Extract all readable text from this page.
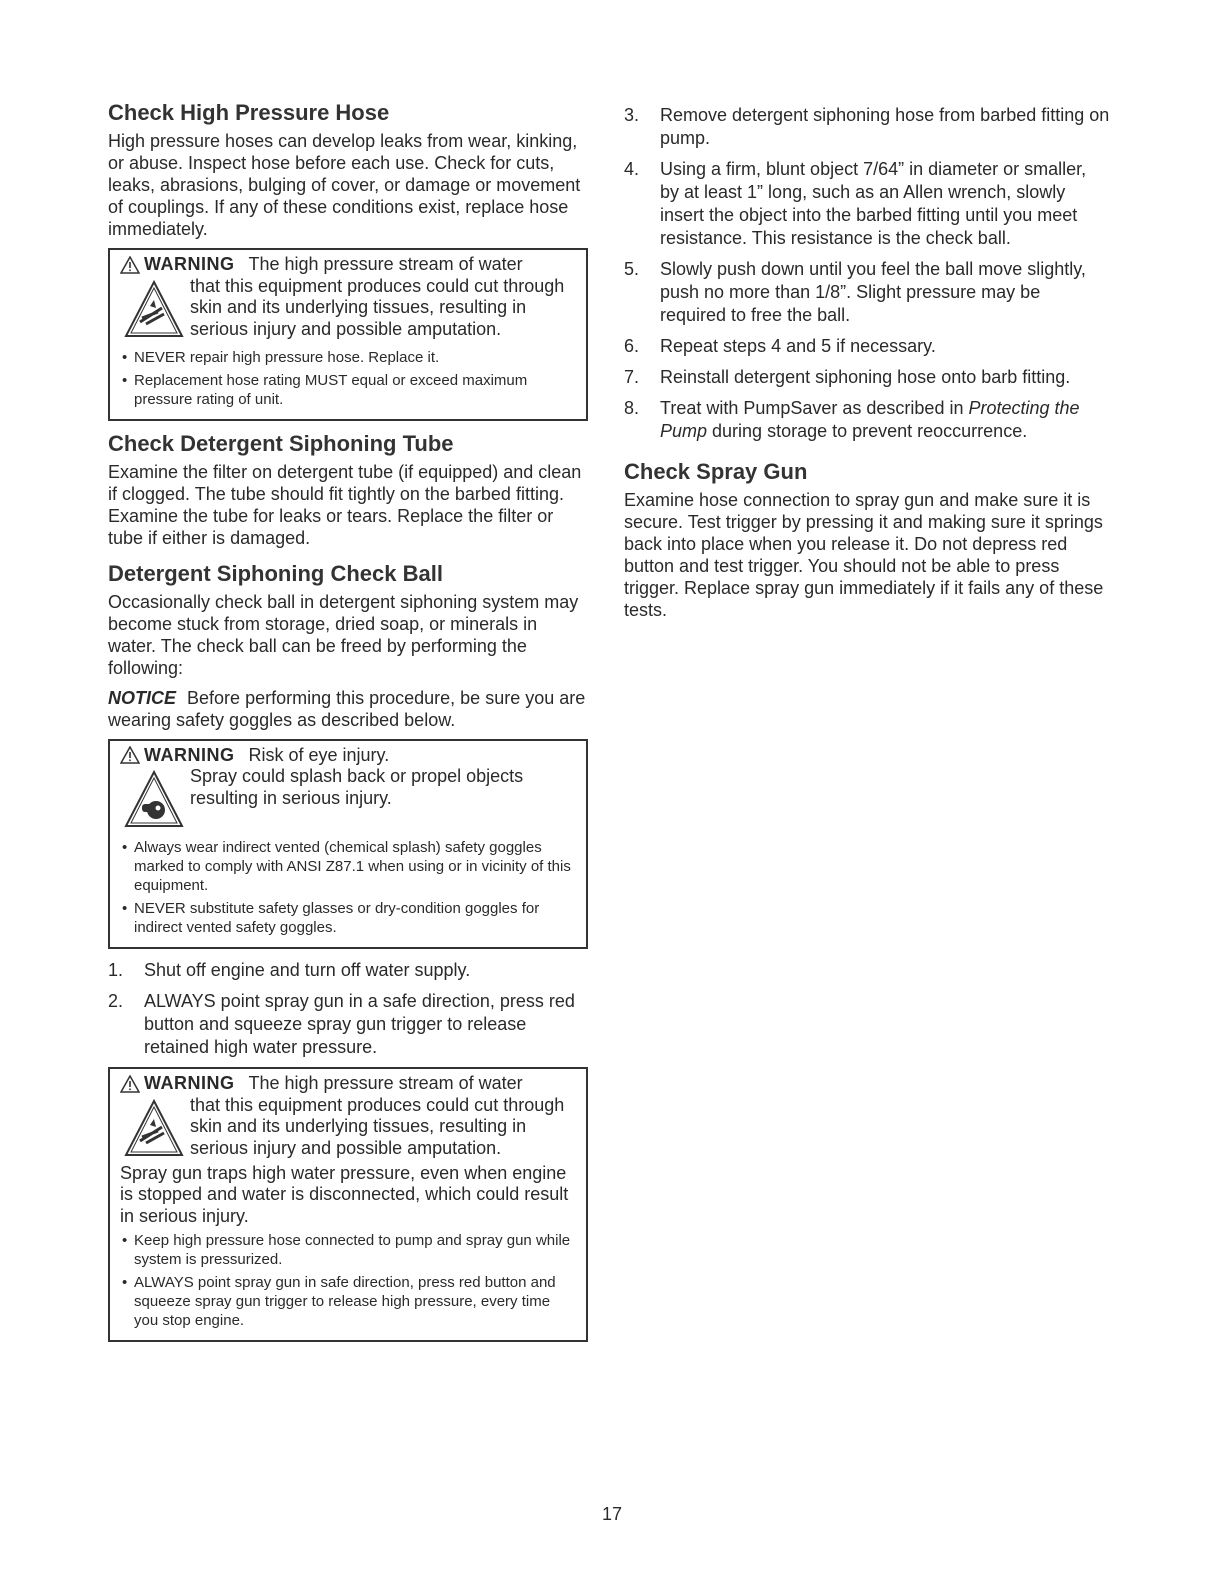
Check High Pressure Hose

High pressure hoses can develop leaks from wear, kinking, or abuse. Inspect hose before each use. Check for cuts, leaks, abrasions, bulging of cover, or damage or movement of couplings. If any of these conditions exist, replace hose immediately.

WARNING The high pressure stream of water
that this equipment produces could cut through skin and its underlying tissues, resulting in serious injury and possible amputation.
• NEVER repair high pressure hose. Replace it.
• Replacement hose rating MUST equal or exceed maximum pressure rating of unit.
Check Detergent Siphoning Tube

Examine the filter on detergent tube (if equipped) and clean if clogged. The tube should fit tightly on the barbed fitting. Examine the tube for leaks or tears. Replace the filter or tube if either is damaged.

Detergent Siphoning Check Ball

Occasionally check ball in detergent siphoning system may become stuck from storage, dried soap, or minerals in water. The check ball can be freed by performing the following:

NOTICE Before performing this procedure, be sure you are wearing safety goggles as described below.

WARNING Risk of eye injury.
Spray could splash back or propel objects resulting in serious injury.
• Always wear indirect vented (chemical splash) safety goggles marked to comply with ANSI Z87.1 when using or in vicinity of this equipment.
• NEVER substitute safety glasses or dry-condition goggles for indirect vented safety goggles.
1.	Shut off engine and turn off water supply.
2.	ALWAYS point spray gun in a safe direction, press red button and squeeze spray gun trigger to release retained high water pressure.
WARNING The high pressure stream of water
that this equipment produces could cut through skin and its underlying tissues, resulting in serious injury and possible amputation.
Spray gun traps high water pressure, even when engine is stopped and water is disconnected, which could result in serious injury.
• Keep high pressure hose connected to pump and spray gun while system is pressurized.
• ALWAYS point spray gun in safe direction, press red button and squeeze spray gun trigger to release high pressure, every time you stop engine.
3.	Remove detergent siphoning hose from barbed fitting on pump.
4.	Using a firm, blunt object 7/64” in diameter or smaller, by at least 1” long, such as an Allen wrench, slowly insert the object into the barbed fitting until you meet resistance. This resistance is the check ball.
5.	Slowly push down until you feel the ball move slightly, push no more than 1/8”. Slight pressure may be required to free the ball.
6.	Repeat steps 4 and 5 if necessary.
7.	Reinstall detergent siphoning hose onto barb fitting.
8.	Treat with PumpSaver as described in Protecting the Pump during storage to prevent reoccurrence.
Check Spray Gun

Examine hose connection to spray gun and make sure it is secure. Test trigger by pressing it and making sure it springs back into place when you release it. Do not depress red button and test trigger. You should not be able to press trigger. Replace spray gun immediately if it fails any of these tests.

17
